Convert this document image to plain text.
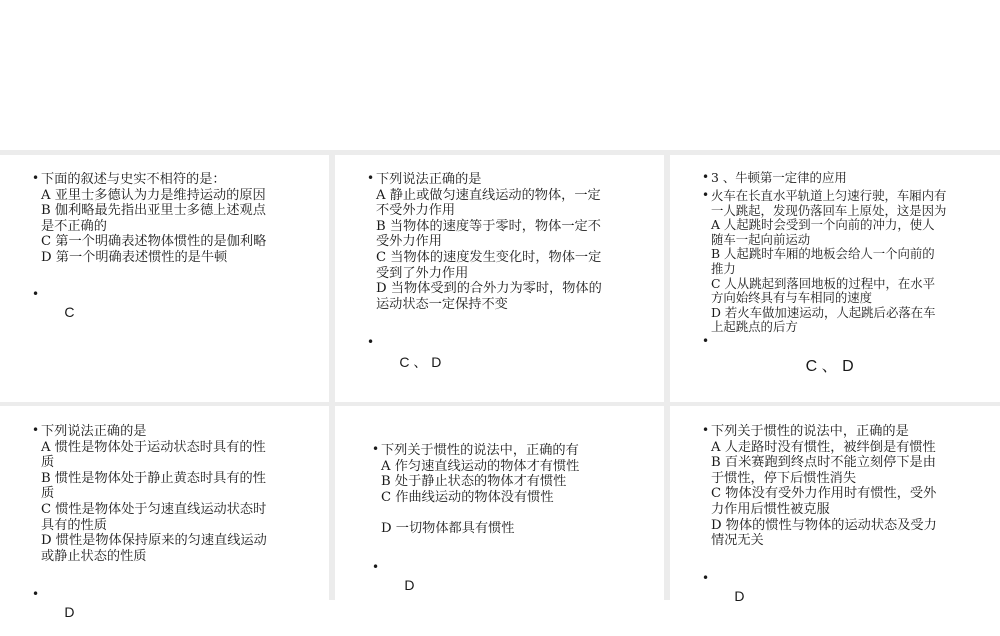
• 下面的叙述与史实不相符的是：
A 亚里士多德认为力是维持运动的原因
B 伽利略最先指出亚里士多德上述观点
是不正确的
C 第一个明确表述物体惯性的是伽利略
D 第一个明确表述惯性的是牛顿

•
C

• 下列说法正确的是
A 静止或做匀速直线运动的物体，一定
不受外力作用
B 当物体的速度等于零时，物体一定不
受外力作用
C 当物体的速度发生变化时，物体一定
受到了外力作用
D 当物体受到的合外力为零时，物体的
运动状态一定保持不变

•
C 、 D

• 3 、牛顿第一定律的应用
• 火车在长直水平轨道上匀速行驶，车厢内有
一人跳起，发现仍落回车上原处，这是因为
A 人起跳时会受到一个向前的冲力，使人
随车一起向前运动
B 人起跳时车厢的地板会给人一个向前的
推力
C 人从跳起到落回地板的过程中，在水平
方向始终具有与车相同的速度
D 若火车做加速运动，人起跳后必落在车
上起跳点的后方

•
C 、 D

• 下列说法正确的是
A 惯性是物体处于运动状态时具有的性
质
B 惯性是物体处于静止黄态时具有的性
质
C 惯性是物体处于匀速直线运动状态时
具有的性质
D 惯性是物体保持原来的匀速直线运动
或静止状态的性质

•
D

• 下列关于惯性的说法中，正确的有
A 作匀速直线运动的物体才有惯性
B 处于静止状态的物体才有惯性
C 作曲线运动的物体没有惯性
D 一切物体都具有惯性

•
D

• 下列关于惯性的说法中，正确的是
A 人走路时没有惯性，被绊倒是有惯性
B 百米赛跑到终点时不能立刻停下是由
于惯性，停下后惯性消失
C 物体没有受外力作用时有惯性，受外
力作用后惯性被克服
D 物体的惯性与物体的运动状态及受力
情况无关

•
D
